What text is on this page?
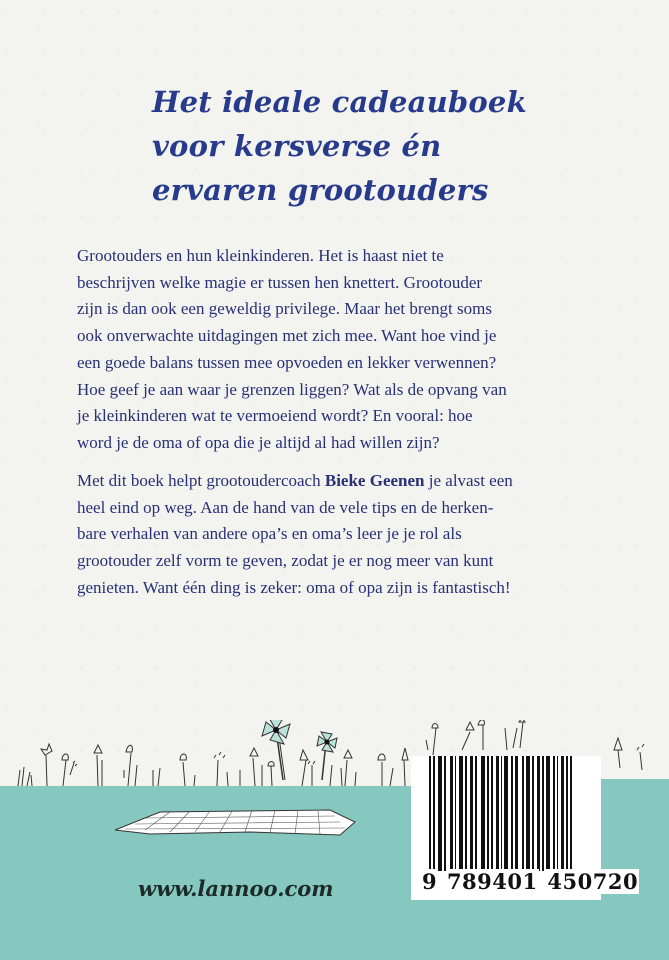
Het ideale cadeauboek
voor kersverse én
ervaren grootouders

Grootouders en hun kleinkinderen. Het is haast niet te
beschrijven welke magie er tussen hen knettert. Grootouder
zijn is dan ook een geweldig privilege. Maar het brengt soms
ook onverwachte uitdagingen met zich mee. Want hoe vind je
een goede balans tussen mee opvoeden en lekker verwennen?
Hoe geef je aan waar je grenzen liggen? Wat als de opvang van
je kleinkinderen wat te vermoeiend wordt? En vooral: hoe
word je de oma of opa die je altijd al had willen zijn?

Met dit boek helpt grootoudercoach Bieke Geenen je alvast een
heel eind op weg. Aan de hand van de vele tips en de herken-
bare verhalen van andere opa’s en oma’s leer je je rol als
grootouder zelf vorm te geven, zodat je er nog meer van kunt
genieten. Want één ding is zeker: oma of opa zijn is fantastisch!

9 789401 450720
www.lannoo.com
